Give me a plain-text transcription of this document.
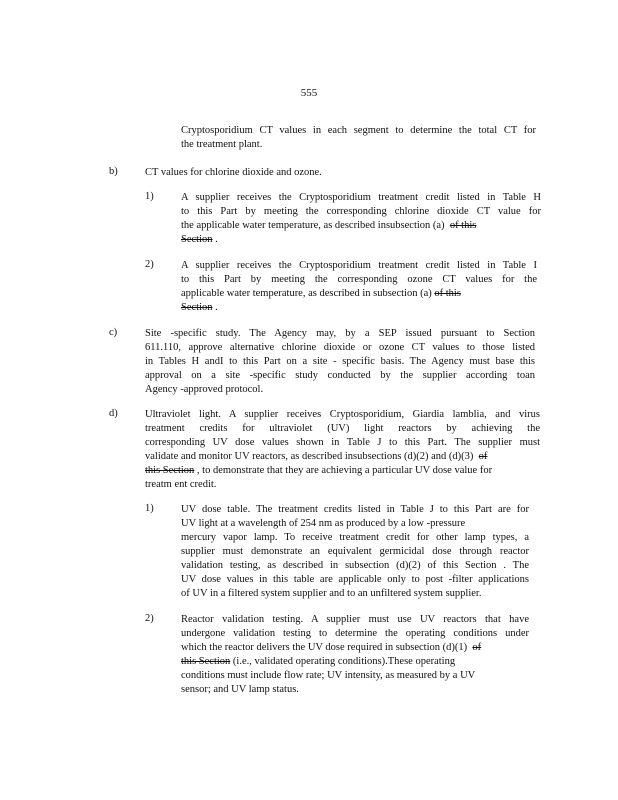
555
Cryptosporidium CT values in each segment to determine the total CT for
the treatment plant.
b)	CT values for chlorine dioxide and ozone.
1)	A supplier receives the Cryptosporidium treatment credit listed in Table H
to this Part by meeting the corresponding chlorine dioxide CT value for
the applicable water temperature, as described insubsection (a) of this
Section .
2)	A supplier receives the Cryptosporidium treatment credit listed in Table I
to this Part by meeting the corresponding ozone CT values for the
applicable water temperature, as described in subsection (a) of this
Section .
c)	Site -specific study. The Agency may, by a SEP issued pursuant to Section
611.110, approve alternative chlorine dioxide or ozone CT values to those listed
in Tables H andI to this Part on a site - specific basis. The Agency must base this
approval on a site -specific study conducted by the supplier according toan
Agency -approved protocol.
d)	Ultraviolet light. A supplier receives Cryptosporidium, Giardia lamblia, and virus
treatment credits for ultraviolet (UV) light reactors by achieving the
corresponding UV dose values shown in Table J to this Part. The supplier must
validate and monitor UV reactors, as described insubsections (d)(2) and (d)(3) of
this Section , to demonstrate that they are achieving a particular UV dose value for
treatm ent credit.
1)	UV dose table. The treatment credits listed in Table J to this Part are for
UV light at a wavelength of 254 nm as produced by a low -pressure
mercury vapor lamp. To receive treatment credit for other lamp types, a
supplier must demonstrate an equivalent germicidal dose through reactor
validation testing, as described in subsection (d)(2) of this Section . The
UV dose values in this table are applicable only to post -filter applications
of UV in a filtered system supplier and to an unfiltered system supplier.
2)	Reactor validation testing. A supplier must use UV reactors that have
undergone validation testing to determine the operating conditions under
which the reactor delivers the UV dose required in subsection (d)(1) of
this Section (i.e., validated operating conditions).These operating
conditions must include flow rate; UV intensity, as measured by a UV
sensor; and UV lamp status.
